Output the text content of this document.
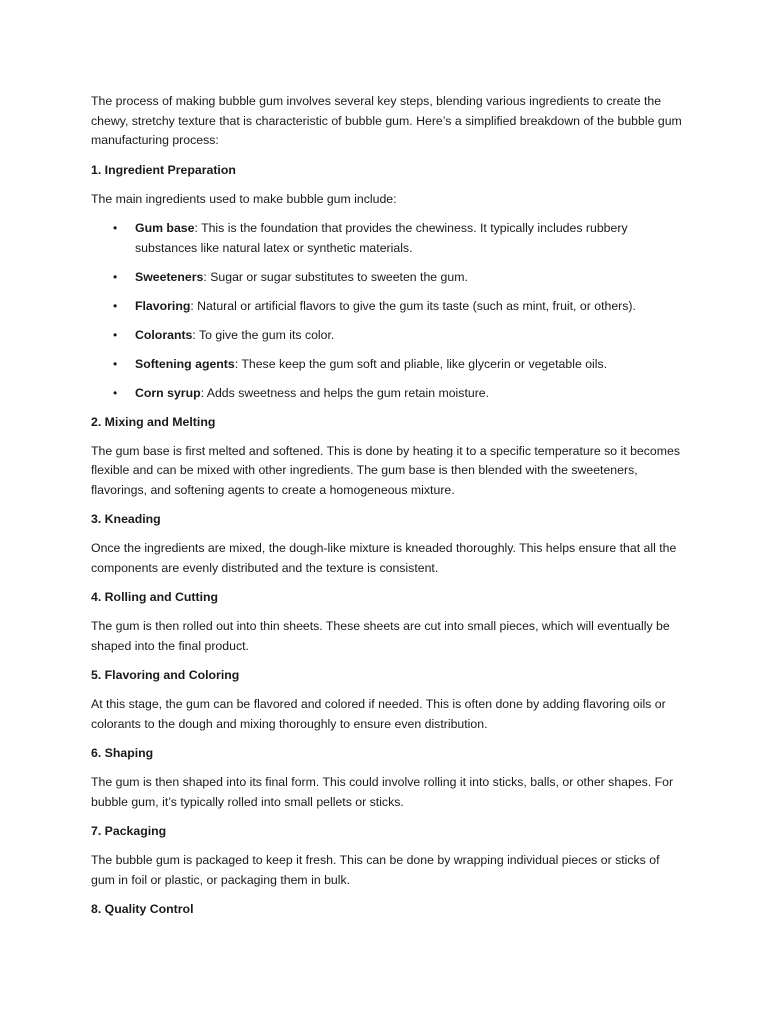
The process of making bubble gum involves several key steps, blending various ingredients to create the chewy, stretchy texture that is characteristic of bubble gum. Here’s a simplified breakdown of the bubble gum manufacturing process:

1. Ingredient Preparation

The main ingredients used to make bubble gum include:

• Gum base: This is the foundation that provides the chewiness. It typically includes rubbery substances like natural latex or synthetic materials.
• Sweeteners: Sugar or sugar substitutes to sweeten the gum.
• Flavoring: Natural or artificial flavors to give the gum its taste (such as mint, fruit, or others).
• Colorants: To give the gum its color.
• Softening agents: These keep the gum soft and pliable, like glycerin or vegetable oils.
• Corn syrup: Adds sweetness and helps the gum retain moisture.
2. Mixing and Melting

The gum base is first melted and softened. This is done by heating it to a specific temperature so it becomes flexible and can be mixed with other ingredients. The gum base is then blended with the sweeteners, flavorings, and softening agents to create a homogeneous mixture.

3. Kneading

Once the ingredients are mixed, the dough-like mixture is kneaded thoroughly. This helps ensure that all the components are evenly distributed and the texture is consistent.

4. Rolling and Cutting

The gum is then rolled out into thin sheets. These sheets are cut into small pieces, which will eventually be shaped into the final product.

5. Flavoring and Coloring

At this stage, the gum can be flavored and colored if needed. This is often done by adding flavoring oils or colorants to the dough and mixing thoroughly to ensure even distribution.

6. Shaping

The gum is then shaped into its final form. This could involve rolling it into sticks, balls, or other shapes. For bubble gum, it’s typically rolled into small pellets or sticks.

7. Packaging

The bubble gum is packaged to keep it fresh. This can be done by wrapping individual pieces or sticks of gum in foil or plastic, or packaging them in bulk.

8. Quality Control
